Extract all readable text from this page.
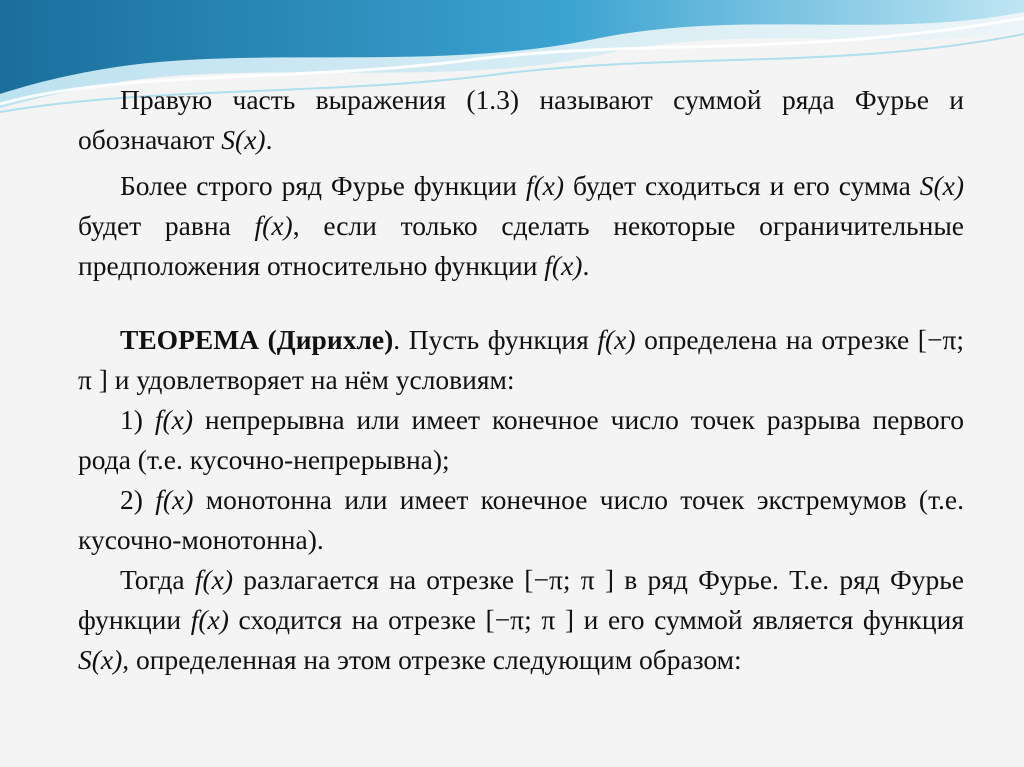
Правую часть выражения (1.3) называют суммой ряда Фурье и обозначают S(x).

Более строго ряд Фурье функции f(x) будет сходиться и его сумма S(x) будет равна f(x), если только сделать некоторые ограничительные предположения относительно функции f(x).

ТЕОРЕМА (Дирихле). Пусть функция f(x) определена на отрезке [−π; π ] и удовлетворяет на нём условиям:

1) f(x) непрерывна или имеет конечное число точек разрыва первого рода (т.е. кусочно-непрерывна);

2) f(x) монотонна или имеет конечное число точек экстремумов (т.е. кусочно-монотонна).

Тогда f(x) разлагается на отрезке [−π; π ] в ряд Фурье. Т.е. ряд Фурье функции f(x) сходится на отрезке [−π; π ] и его суммой является функция S(x), определенная на этом отрезке следующим образом:
